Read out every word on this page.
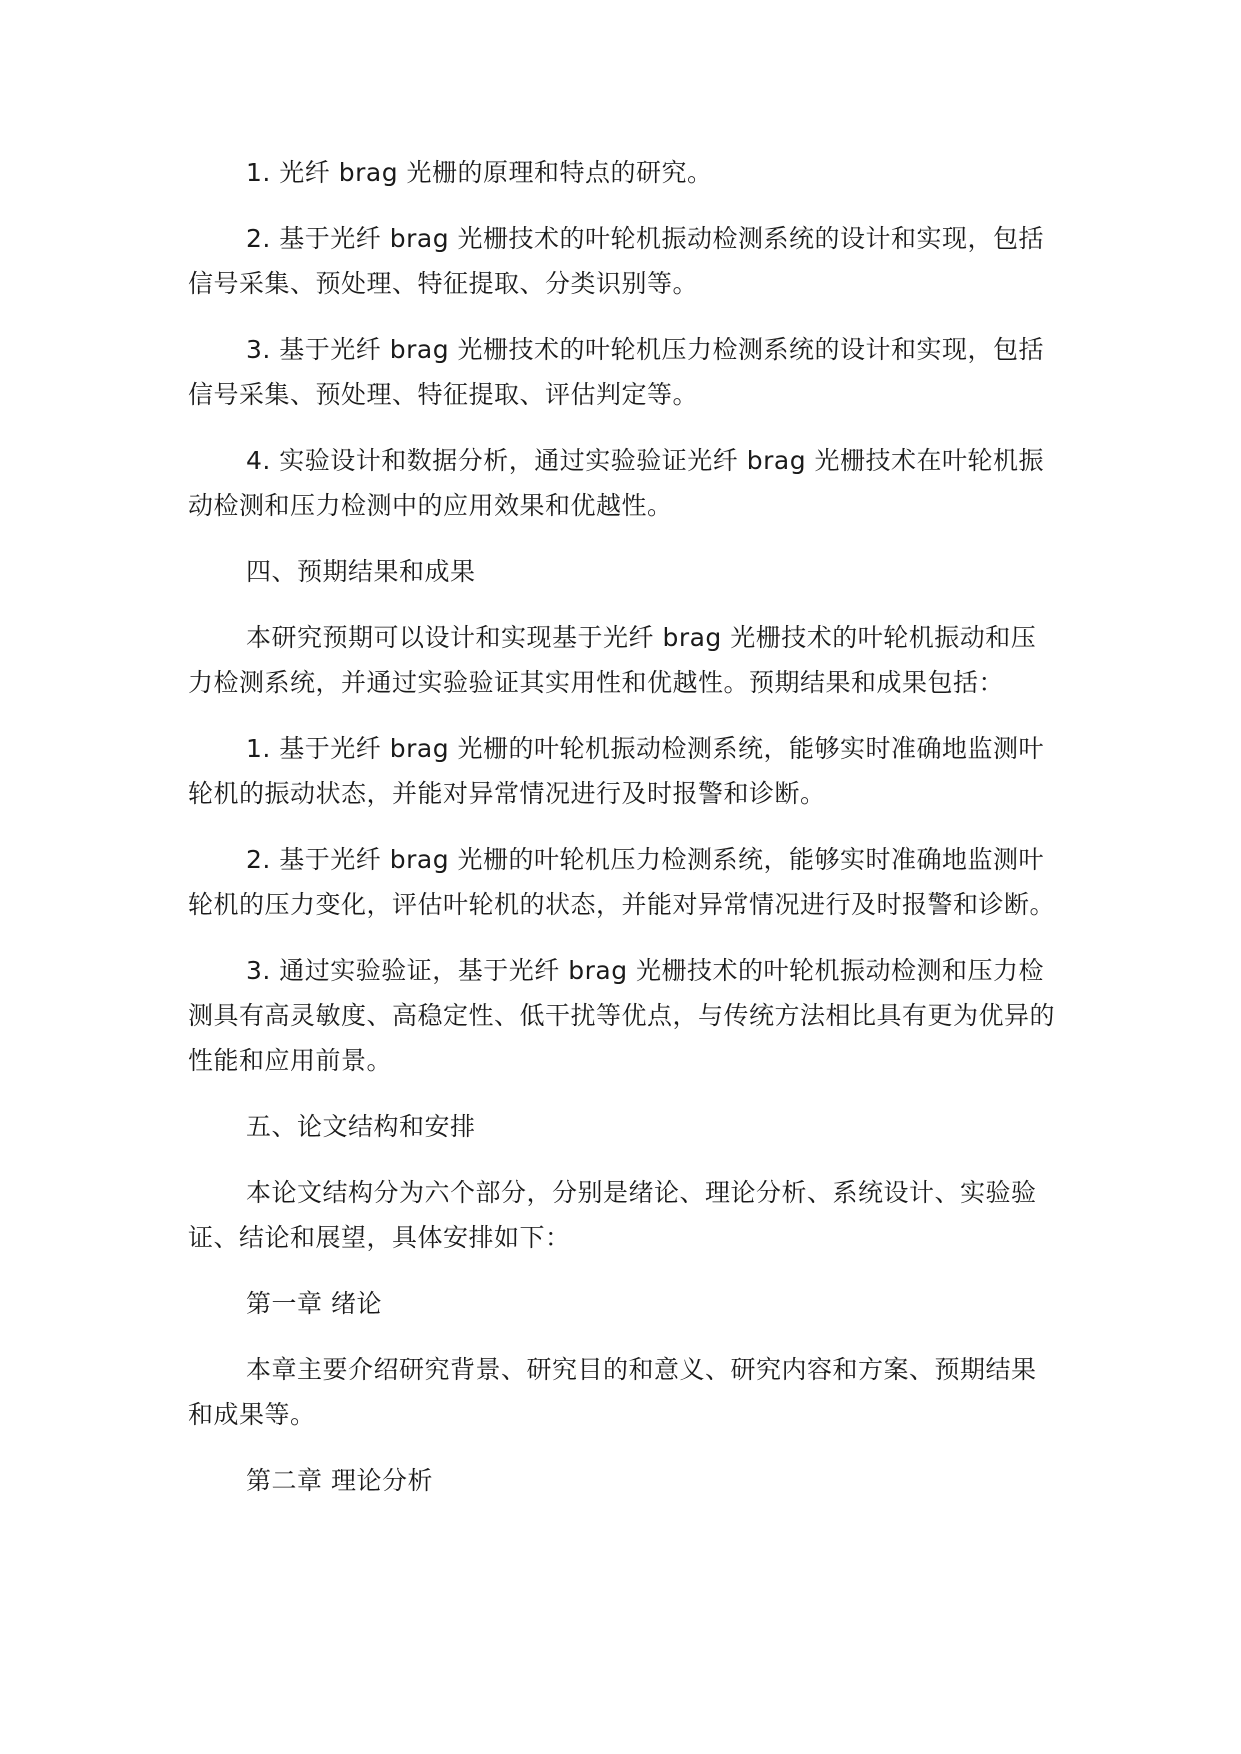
1. 光纤 brag 光栅的原理和特点的研究。

2. 基于光纤 brag 光栅技术的叶轮机振动检测系统的设计和实现，包括信号采集、预处理、特征提取、分类识别等。

3. 基于光纤 brag 光栅技术的叶轮机压力检测系统的设计和实现，包括信号采集、预处理、特征提取、评估判定等。

4. 实验设计和数据分析，通过实验验证光纤 brag 光栅技术在叶轮机振动检测和压力检测中的应用效果和优越性。

四、预期结果和成果

本研究预期可以设计和实现基于光纤 brag 光栅技术的叶轮机振动和压力检测系统，并通过实验验证其实用性和优越性。预期结果和成果包括：

1. 基于光纤 brag 光栅的叶轮机振动检测系统，能够实时准确地监测叶轮机的振动状态，并能对异常情况进行及时报警和诊断。

2. 基于光纤 brag 光栅的叶轮机压力检测系统，能够实时准确地监测叶轮机的压力变化，评估叶轮机的状态，并能对异常情况进行及时报警和诊断。

3. 通过实验验证，基于光纤 brag 光栅技术的叶轮机振动检测和压力检测具有高灵敏度、高稳定性、低干扰等优点，与传统方法相比具有更为优异的性能和应用前景。

五、论文结构和安排

本论文结构分为六个部分，分别是绪论、理论分析、系统设计、实验验证、结论和展望，具体安排如下：

第一章 绪论

本章主要介绍研究背景、研究目的和意义、研究内容和方案、预期结果和成果等。

第二章 理论分析
